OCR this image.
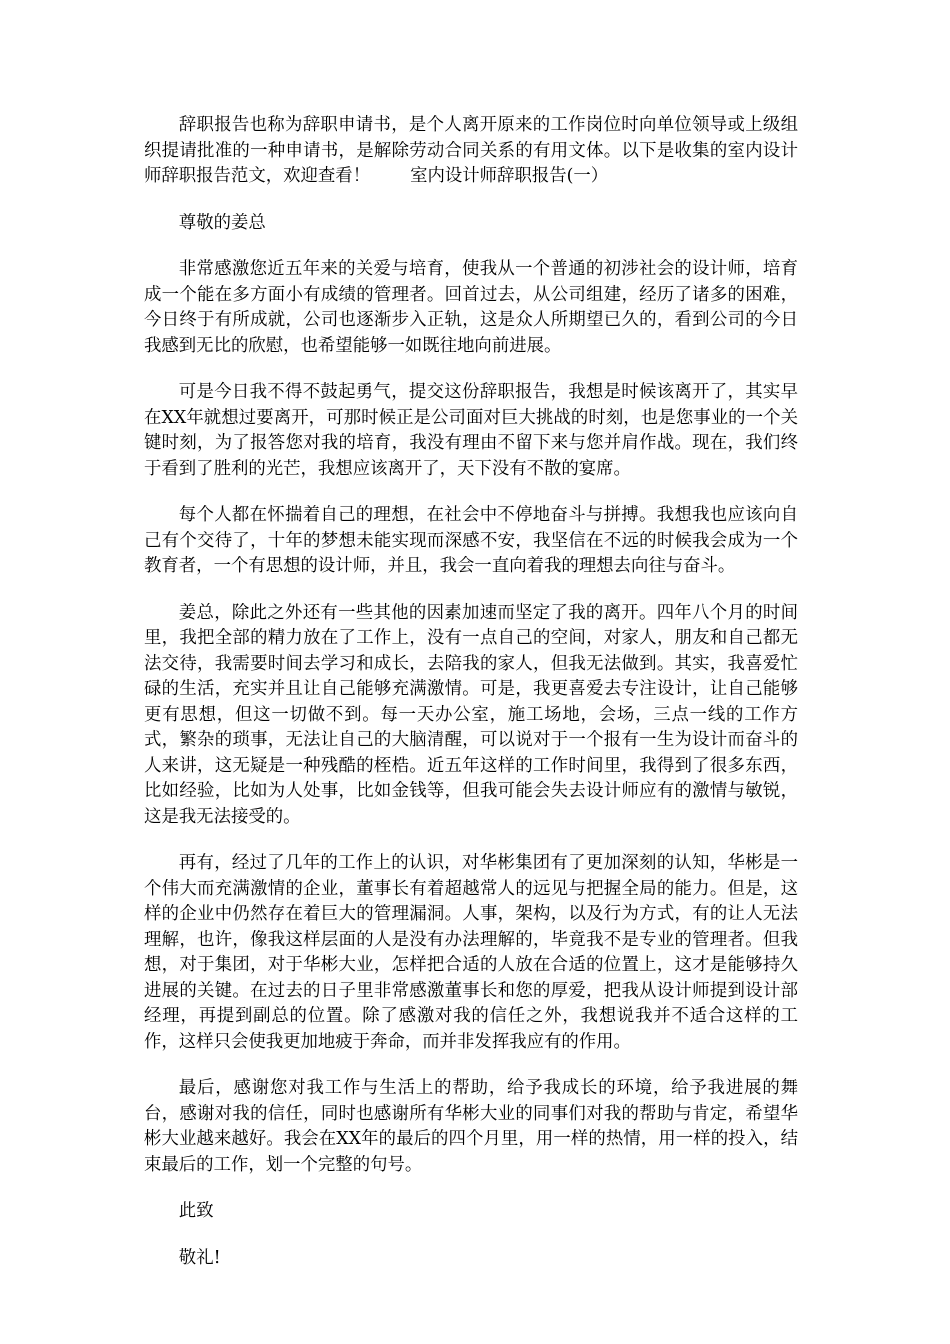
辞职报告也称为辞职申请书，是个人离开原来的工作岗位时向单位领导或上级组织提请批准的一种申请书，是解除劳动合同关系的有用文体。以下是收集的室内设计师辞职报告范文，欢迎查看！ 室内设计师辞职报告(一）

尊敬的姜总

非常感激您近五年来的关爱与培育，使我从一个普通的初涉社会的设计师，培育成一个能在多方面小有成绩的管理者。回首过去，从公司组建，经历了诸多的困难，今日终于有所成就，公司也逐渐步入正轨，这是众人所期望已久的，看到公司的今日我感到无比的欣慰，也希望能够一如既往地向前进展。

可是今日我不得不鼓起勇气，提交这份辞职报告，我想是时候该离开了，其实早在XX年就想过要离开，可那时候正是公司面对巨大挑战的时刻，也是您事业的一个关键时刻，为了报答您对我的培育，我没有理由不留下来与您并肩作战。现在，我们终于看到了胜利的光芒，我想应该离开了，天下没有不散的宴席。

每个人都在怀揣着自己的理想，在社会中不停地奋斗与拼搏。我想我也应该向自己有个交待了，十年的梦想未能实现而深感不安，我坚信在不远的时候我会成为一个教育者，一个有思想的设计师，并且，我会一直向着我的理想去向往与奋斗。

姜总，除此之外还有一些其他的因素加速而坚定了我的离开。四年八个月的时间里，我把全部的精力放在了工作上，没有一点自己的空间，对家人，朋友和自己都无法交待，我需要时间去学习和成长，去陪我的家人，但我无法做到。其实，我喜爱忙碌的生活，充实并且让自己能够充满激情。可是，我更喜爱去专注设计，让自己能够更有思想，但这一切做不到。每一天办公室，施工场地，会场，三点一线的工作方式，繁杂的琐事，无法让自己的大脑清醒，可以说对于一个报有一生为设计而奋斗的人来讲，这无疑是一种残酷的桎梏。近五年这样的工作时间里，我得到了很多东西，比如经验，比如为人处事，比如金钱等，但我可能会失去设计师应有的激情与敏锐，这是我无法接受的。

再有，经过了几年的工作上的认识，对华彬集团有了更加深刻的认知，华彬是一个伟大而充满激情的企业，董事长有着超越常人的远见与把握全局的能力。但是，这样的企业中仍然存在着巨大的管理漏洞。人事，架构，以及行为方式，有的让人无法理解，也许，像我这样层面的人是没有办法理解的，毕竟我不是专业的管理者。但我想，对于集团，对于华彬大业，怎样把合适的人放在合适的位置上，这才是能够持久进展的关键。在过去的日子里非常感激董事长和您的厚爱，把我从设计师提到设计部经理，再提到副总的位置。除了感激对我的信任之外，我想说我并不适合这样的工作，这样只会使我更加地疲于奔命，而并非发挥我应有的作用。

最后，感谢您对我工作与生活上的帮助，给予我成长的环境，给予我进展的舞台，感谢对我的信任，同时也感谢所有华彬大业的同事们对我的帮助与肯定，希望华彬大业越来越好。我会在XX年的最后的四个月里，用一样的热情，用一样的投入，结束最后的工作，划一个完整的句号。

此致

敬礼!
